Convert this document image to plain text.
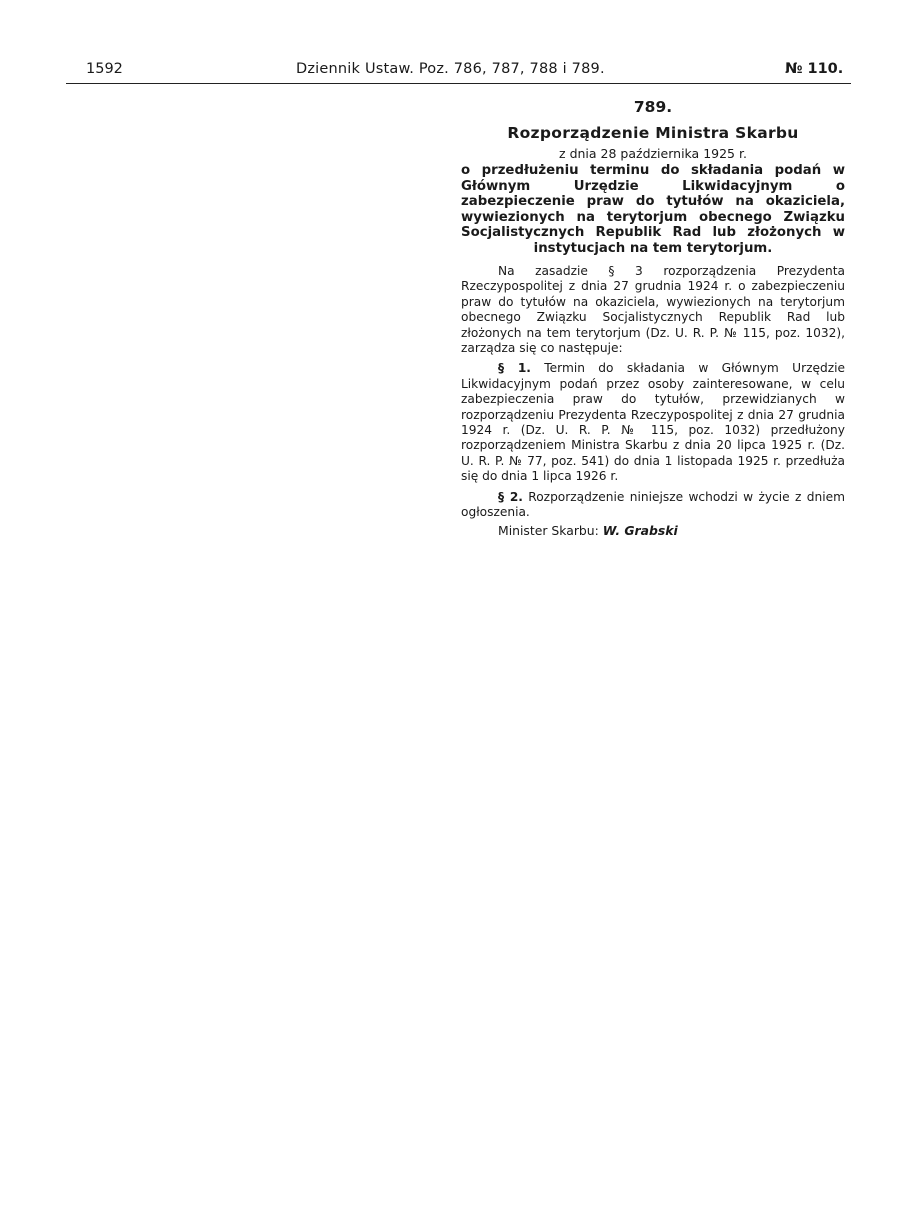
1592	Dziennik Ustaw. Poz. 786, 787, 788 i 789.	№ 110.
789.
Rozporządzenie Ministra Skarbu
z dnia 28 października 1925 r.
o przedłużeniu terminu do składania podań w Głównym Urzędzie Likwidacyjnym o zabezpieczenie praw do tytułów na okaziciela, wywiezionych na terytorjum obecnego Związku Socjalistycznych Republik Rad lub złożonych w instytucjach na tem terytorjum.
Na zasadzie § 3 rozporządzenia Prezydenta Rzeczypospolitej z dnia 27 grudnia 1924 r. o zabezpieczeniu praw do tytułów na okaziciela, wywiezionych na terytorjum obecnego Związku Socjalistycznych Republik Rad lub złożonych na tem terytorjum (Dz. U. R. P. № 115, poz. 1032), zarządza się co następuje:
§ 1. Termin do składania w Głównym Urzędzie Likwidacyjnym podań przez osoby zainteresowane, w celu zabezpieczenia praw do tytułów, przewidzianych w rozporządzeniu Prezydenta Rzeczypospolitej z dnia 27 grudnia 1924 r. (Dz. U. R. P. № 115, poz. 1032) przedłużony rozporządzeniem Ministra Skarbu z dnia 20 lipca 1925 r. (Dz. U. R. P. № 77, poz. 541) do dnia 1 listopada 1925 r. przedłuża się do dnia 1 lipca 1926 r.
§ 2. Rozporządzenie niniejsze wchodzi w życie z dniem ogłoszenia.
Minister Skarbu: W. Grabski
